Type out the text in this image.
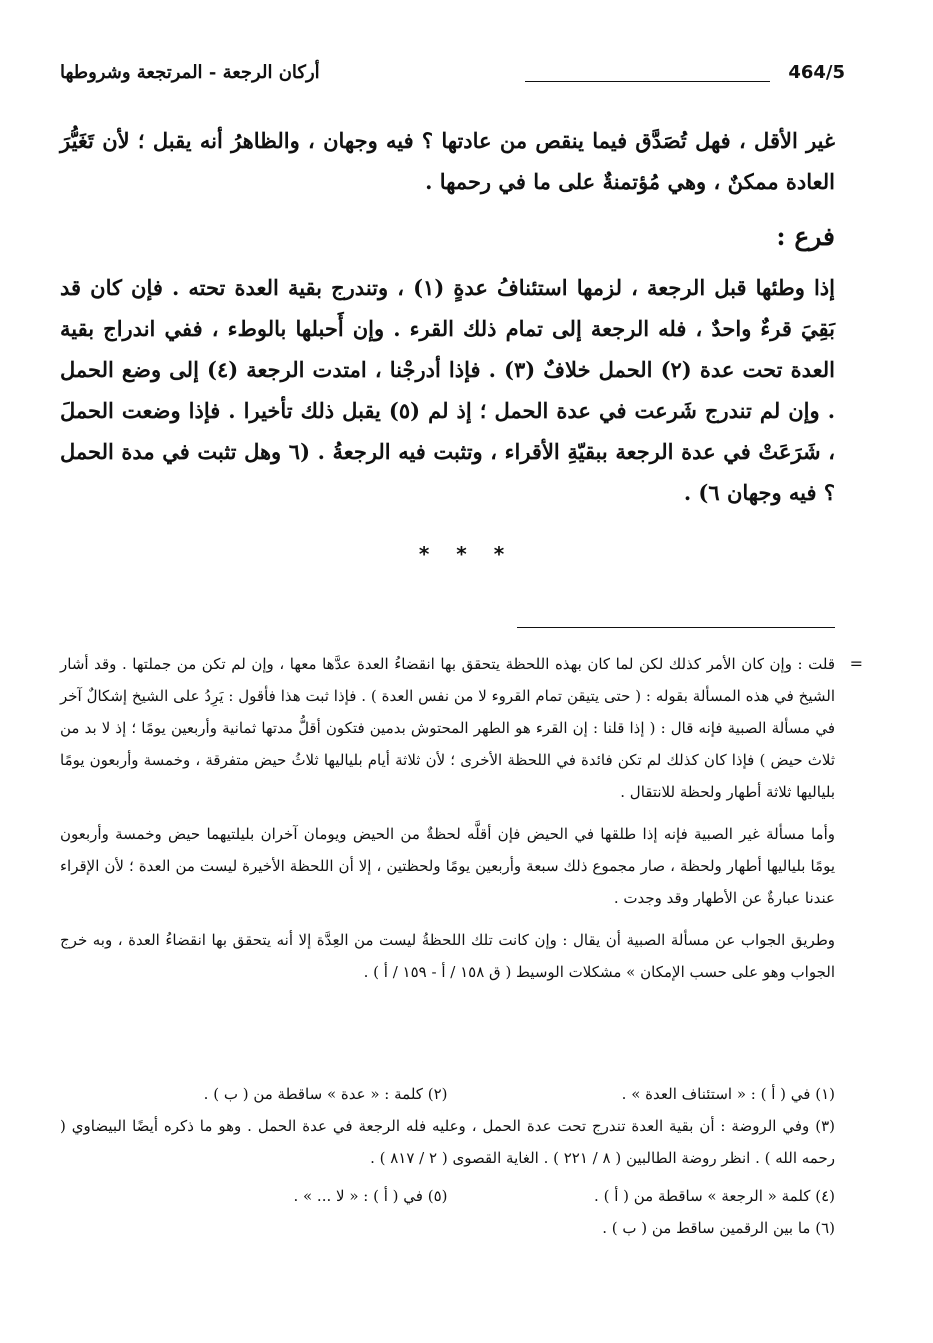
464/5
أركان الرجعة - المرتجعة وشروطها

غير الأقل ، فهل تُصَدَّق فيما ينقص من عادتها ؟ فيه وجهان ، والظاهرُ أنه يقبل ؛ لأن تَغَيُّرَ العادة ممكنٌ ، وهي مُؤتمنةٌ على ما في رحمها .

فرع :

إذا وطئها قبل الرجعة ، لزمها استئنافُ عدةٍ (١) ، وتندرج بقية العدة تحته . فإن كان قد بَقِيَ قرءٌ واحدٌ ، فله الرجعة إلى تمام ذلك القرء . وإن أَحبلها بالوطء ، ففي اندراج بقية العدة تحت عدة (٢) الحمل خلافٌ (٣) . فإذا أدرجْنا ، امتدت الرجعة (٤) إلى وضع الحمل . وإن لم تندرج شَرعت في عدة الحمل ؛ إذ لم (٥) يقبل ذلك تأخيرا . فإذا وضعت الحملَ ، شَرَعَتْ في عدة الرجعة ببقيّةِ الأقراء ، وتثبت فيه الرجعةُ . (٦ وهل تثبت في مدة الحمل ؟ فيه وجهان ٦) .

* * *
=

قلت : وإن كان الأمر كذلك لكن لما كان بهذه اللحظة يتحقق بها انقضاءُ العدة عدَّها معها ، وإن لم تكن من جملتها . وقد أشار الشيخ في هذه المسألة بقوله : ( حتى يتيقن تمام القروء لا من نفس العدة ) . فإذا ثبت هذا فأقول : يَرِدُ على الشيخ إشكالٌ آخر في مسألة الصبية فإنه قال : ( إذا قلنا : إن القرء هو الطهر المحتوش بدمين فتكون أقلُّ مدتها ثمانية وأربعين يومًا ؛ إذ لا بد من ثلاث حيض ) فإذا كان كذلك لم تكن فائدة في اللحظة الأخرى ؛ لأن ثلاثة أيام بلياليها ثلاثُ حيض متفرقة ، وخمسة وأربعون يومًا بلياليها ثلاثة أطهار ولحظة للانتقال .

وأما مسألة غير الصبية فإنه إذا طلقها في الحيض فإن أقلَّه لحظةٌ من الحيض ويومان آخران بليلتيهما حيض وخمسة وأربعون يومًا بلياليها أطهار ولحظة ، صار مجموع ذلك سبعة وأربعين يومًا ولحظتين ، إلا أن اللحظة الأخيرة ليست من العدة ؛ لأن الإقراء عندنا عبارةٌ عن الأطهار وقد وجدت .

وطريق الجواب عن مسألة الصبية أن يقال : وإن كانت تلك اللحظةُ ليست من العِدَّة إلا أنه يتحقق بها انقضاءُ العدة ، وبه خرج الجواب وهو على حسب الإمكان » مشكلات الوسيط ( ق ١٥٨ / أ - ١٥٩ / أ ) .

(١) في ( أ ) : « استئناف العدة » .
(٢) كلمة : « عدة » ساقطة من ( ب ) .
(٣) وفي الروضة : أن بقية العدة تندرج تحت عدة الحمل ، وعليه فله الرجعة في عدة الحمل . وهو ما ذكره أيضًا البيضاوي ( رحمه الله ) . انظر روضة الطالبين ( ٨ / ٢٢١ ) . الغاية القصوى ( ٢ / ٨١٧ ) .
(٤) كلمة « الرجعة » ساقطة من ( أ ) .
(٥) في ( أ ) : « لا ... » .
(٦) ما بين الرقمين ساقط من ( ب ) .
